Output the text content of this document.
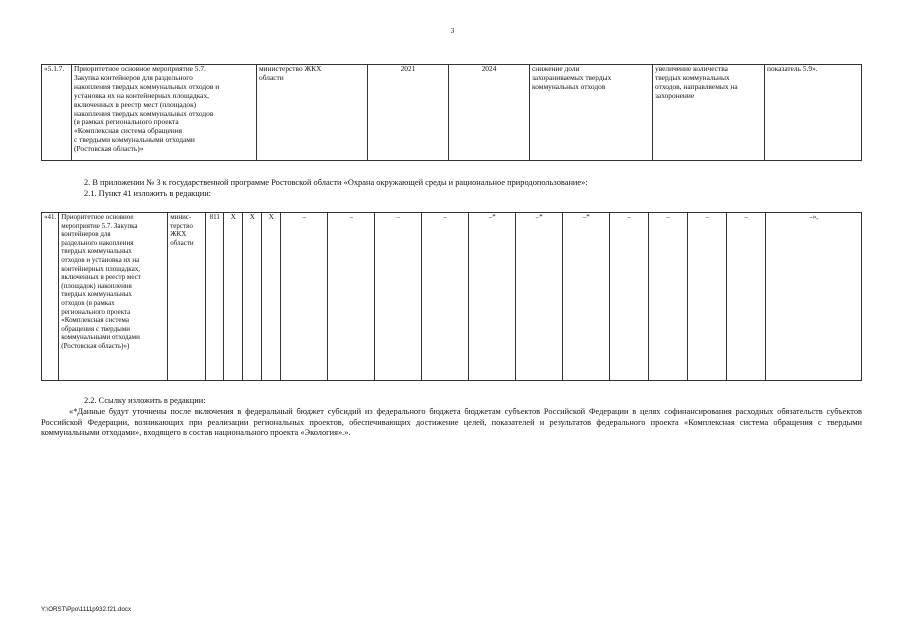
3
«5.1.7.	Приоритетное основное мероприятие 5.7.
Закупка контейнеров для раздельного
накопления твердых коммунальных отходов и
установка их на контейнерных площадках,
включенных в реестр мест (площадок)
накопления твердых коммунальных отходов
(в рамках регионального проекта
«Комплексная система обращения
с твердыми коммунальными отходами
(Ростовская область)»	министерство ЖКХ
области	2021	2024	снижение доли
захораниваемых твердых
коммунальных отходов	увеличение количества
твердых коммунальных
отходов, направляемых на
захоронение	показатель 5.9».
2. В приложении № 3 к государственной программе Ростовской области «Охрана окружающей среды и рациональное природопользование»:
2.1. Пункт 41 изложить в редакции:
«41.	Приоритетное основное
мероприятие 5.7. Закупка
контейнеров для
раздельного накопления
твердых коммунальных
отходов и установка их на
контейнерных площадках,
включенных в реестр мест
(площадок) накопления
твердых коммунальных
отходов (в рамках
регионального проекта
«Комплексная система
обращения с твердыми
коммунальными отходами
(Ростовская область)»)	минис-
терство
ЖКХ
области	811	Х	Х	Х	–	–	–	–	–*	–*	–*	–	–	–	–	–»,
2.2. Ссылку изложить в редакции:
«*Данные будут уточнены после включения в федеральный бюджет субсидий из федерального бюджета бюджетам субъектов Российской Федерации в целях софинансирования расходных обязательств субъектов Российской Федерации, возникающих при реализации региональных проектов, обеспечивающих достижение целей, показателей и результатов федерального проекта «Комплексная система обращения с твердыми коммунальными отходами», входящего в состав национального проекта «Экология».».
Y:\ORST\Ppo\1111p932.f21.docx
